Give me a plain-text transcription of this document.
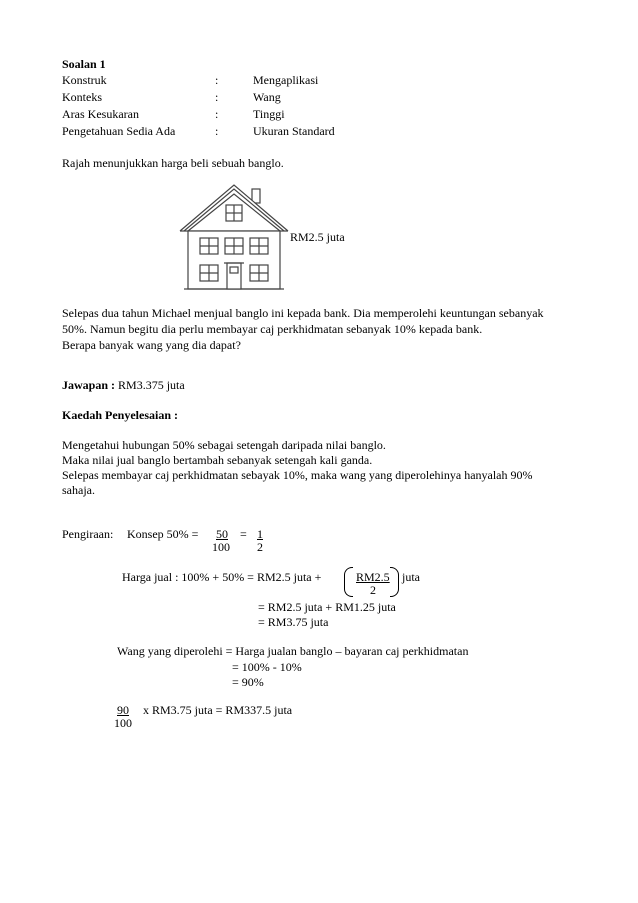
Soalan 1
Konstruk	:	Mengaplikasi
Konteks	:	Wang
Aras Kesukaran	:	Tinggi
Pengetahuan Sedia Ada	:	Ukuran Standard
Rajah menunjukkan harga beli sebuah banglo.
RM2.5 juta
Selepas dua tahun Michael menjual banglo ini kepada bank. Dia memperolehi keuntungan sebanyak
50%. Namun begitu dia perlu membayar caj perkhidmatan sebanyak 10% kepada bank.
Berapa banyak wang yang dia dapat?
Jawapan : RM3.375 juta
Kaedah Penyelesaian :
Mengetahui hubungan 50% sebagai setengah daripada nilai banglo.
Maka nilai jual banglo bertambah sebanyak setengah kali ganda.
Selepas membayar caj perkhidmatan sebayak 10%, maka wang yang diperolehinya hanyalah 90%
sahaja.
Pengiraan: Konsep 50% = 50
100
= 1
2
Harga jual : 100% + 50% = RM2.5 juta +	RM2.5
2
juta
= RM2.5 juta + RM1.25 juta
= RM3.75 juta
Wang yang diperolehi = Harga jualan banglo – bayaran caj perkhidmatan
= 100% - 10%
= 90%
90
100
x RM3.75 juta = RM337.5 juta
